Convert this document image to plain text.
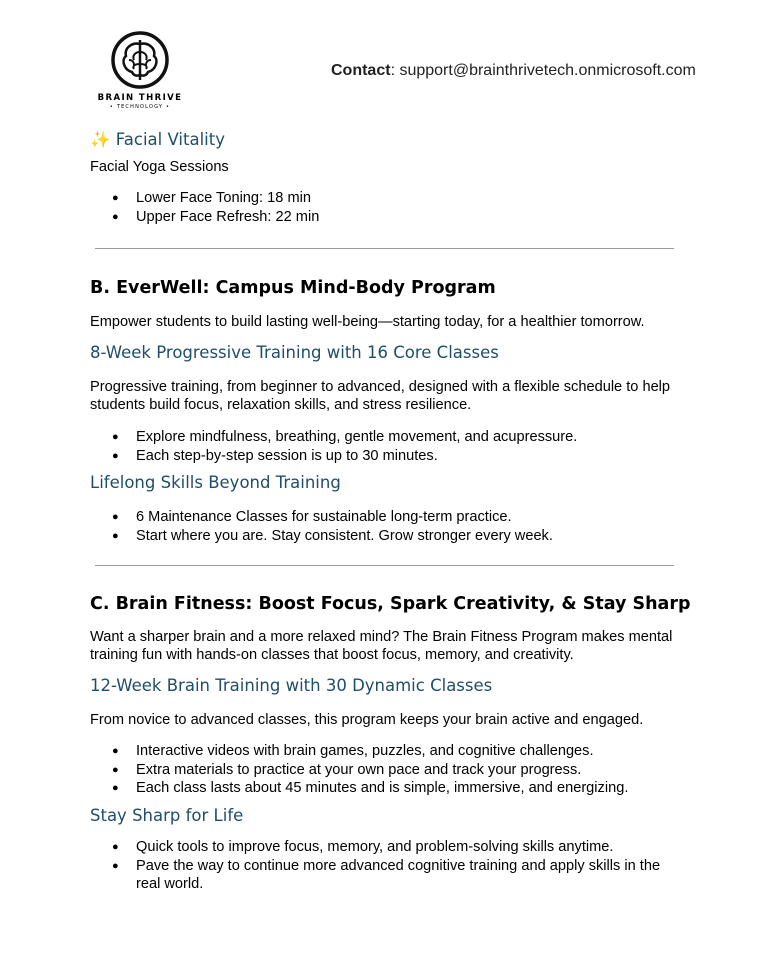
BRAIN THRIVE
• TECHNOLOGY •
Contact: support@brainthrivetech.onmicrosoft.com
✨ Facial Vitality
Facial Yoga Sessions
● Lower Face Toning: 18 min
● Upper Face Refresh: 22 min
B. EverWell: Campus Mind-Body Program
Empower students to build lasting well-being—starting today, for a healthier tomorrow.
8-Week Progressive Training with 16 Core Classes
Progressive training, from beginner to advanced, designed with a flexible schedule to help students build focus, relaxation skills, and stress resilience.
● Explore mindfulness, breathing, gentle movement, and acupressure.
● Each step-by-step session is up to 30 minutes.
Lifelong Skills Beyond Training
● 6 Maintenance Classes for sustainable long-term practice.
● Start where you are. Stay consistent. Grow stronger every week.
C. Brain Fitness: Boost Focus, Spark Creativity, & Stay Sharp
Want a sharper brain and a more relaxed mind? The Brain Fitness Program makes mental training fun with hands-on classes that boost focus, memory, and creativity.
12-Week Brain Training with 30 Dynamic Classes
From novice to advanced classes, this program keeps your brain active and engaged.
● Interactive videos with brain games, puzzles, and cognitive challenges.
● Extra materials to practice at your own pace and track your progress.
● Each class lasts about 45 minutes and is simple, immersive, and energizing.
Stay Sharp for Life
● Quick tools to improve focus, memory, and problem-solving skills anytime.
● Pave the way to continue more advanced cognitive training and apply skills in the real world.
